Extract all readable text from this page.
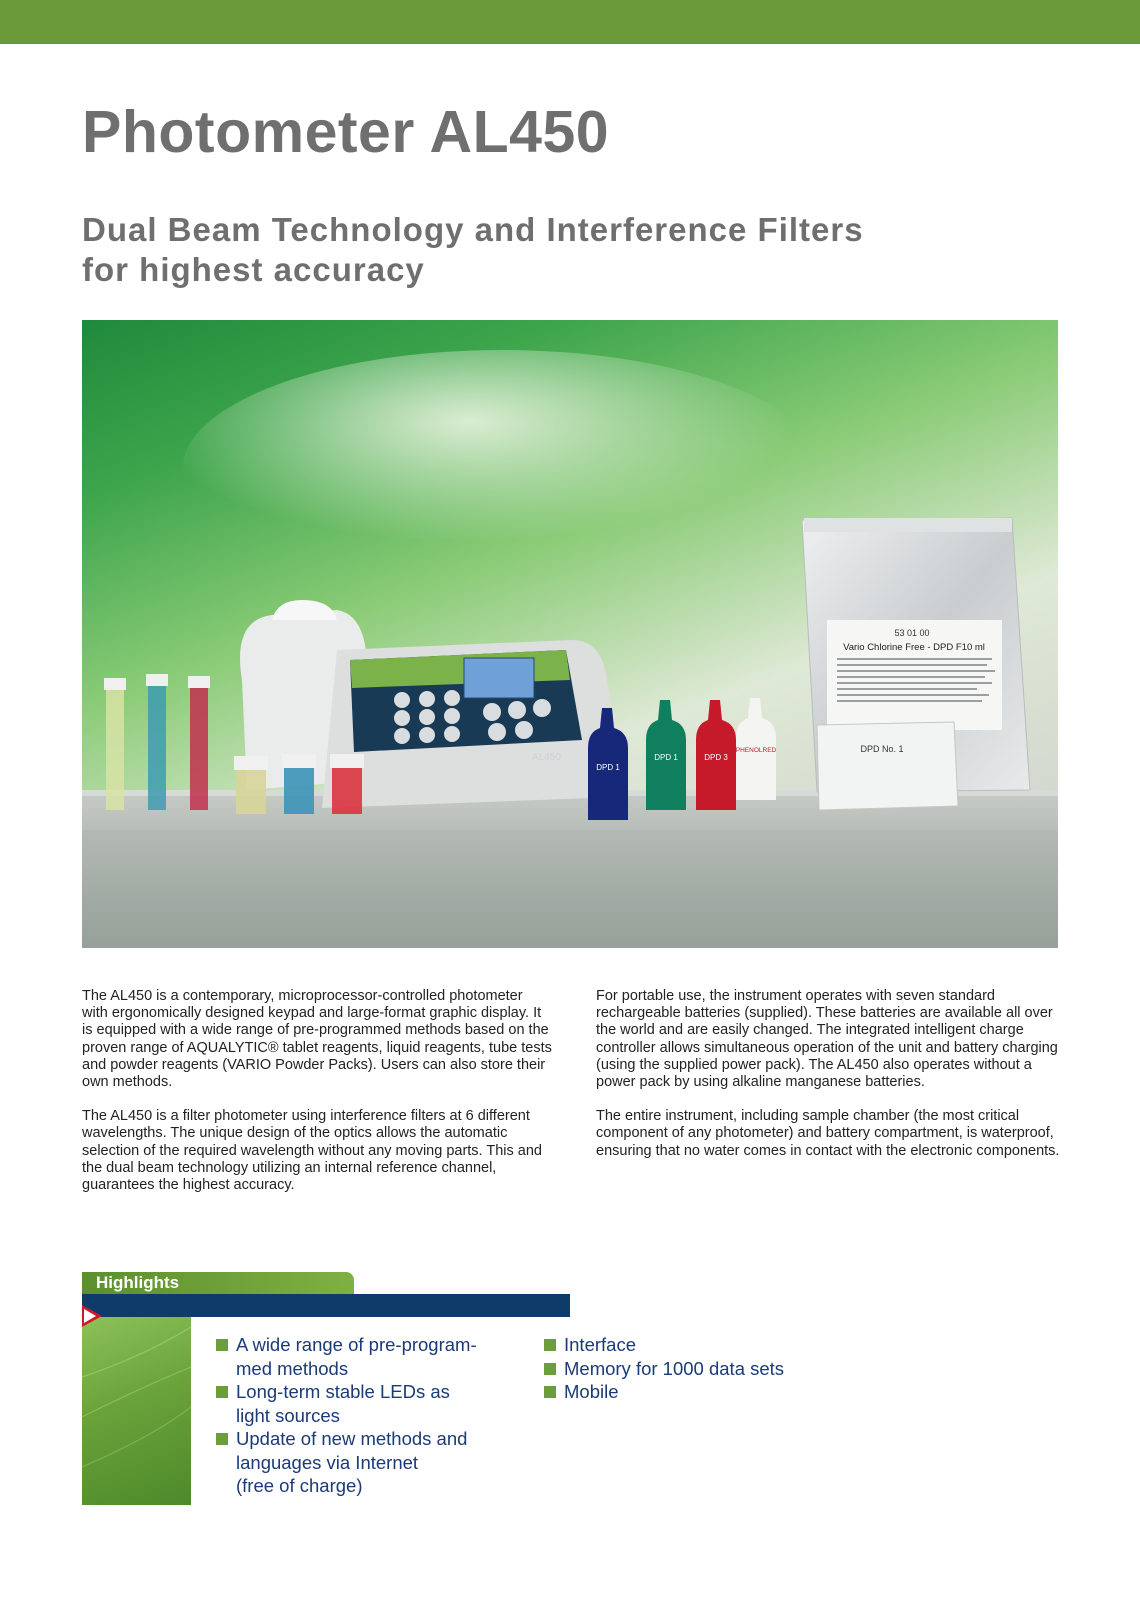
Photometer AL450
Dual Beam Technology and Interference Filters
for highest accuracy
53 01 00
Vario Chlorine Free - DPD F10 ml
DPD No. 1
AL450
DPD 1
DPD 1	DPD 3
PHENOLRED

The AL450 is a contemporary, microprocessor-controlled photometer with ergonomically designed keypad and large-format graphic display. It is equipped with a wide range of pre-programmed methods based on the proven range of AQUALYTIC® tablet reagents, liquid reagents, tube tests and powder reagents (VARIO Powder Packs). Users can also store their own methods.

The AL450 is a filter photometer using interference filters at 6 different wavelengths. The unique design of the optics allows the automatic selection of the required wavelength without any moving parts. This and the dual beam technology utilizing an internal reference channel, guarantees the highest accuracy.

For portable use, the instrument operates with seven standard rechargeable batteries (supplied). These batteries are available all over the world and are easily changed. The integrated intelligent charge controller allows simultaneous operation of the unit and battery charging (using the supplied power pack). The AL450 also operates without a power pack by using alkaline manganese batteries.

The entire instrument, including sample chamber (the most critical component of any photometer) and battery compartment, is waterproof, ensuring that no water comes in contact with the electronic components.

Highlights
A wide range of pre-program-
med methods
Long-term stable LEDs as
light sources
Update of new methods and
languages via Internet
(free of charge)
Interface
Memory for 1000 data sets
Mobile
